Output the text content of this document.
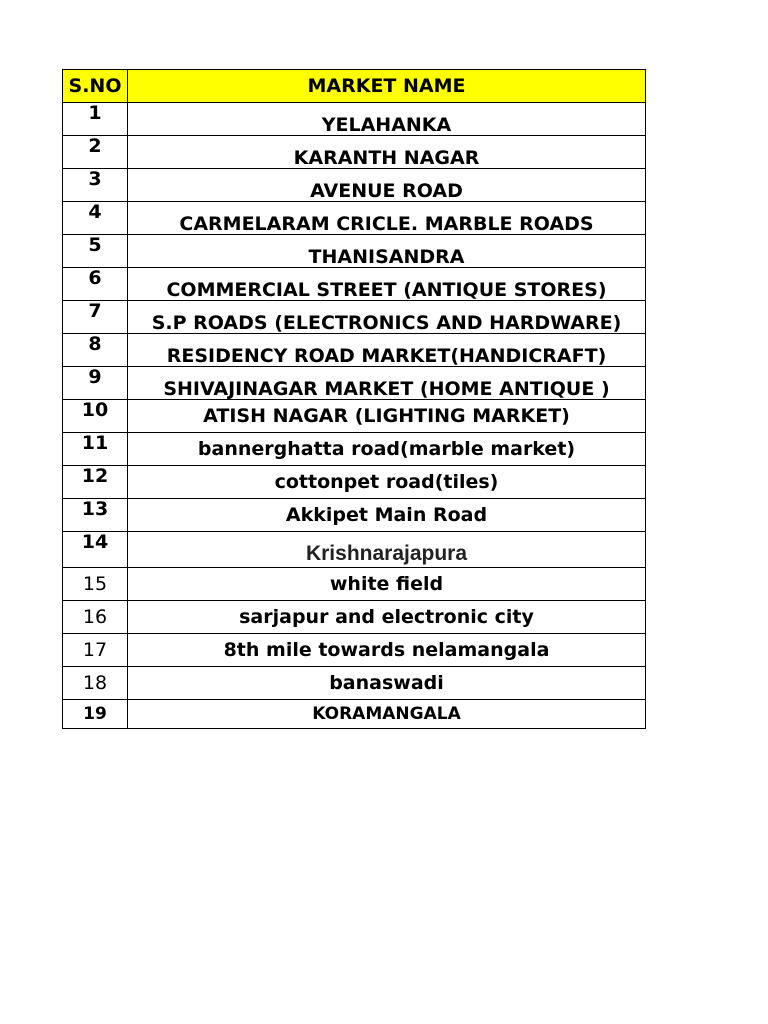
S.NO	MARKET NAME
1	YELAHANKA
2	KARANTH NAGAR
3	AVENUE ROAD
4	CARMELARAM CRICLE. MARBLE ROADS
5	THANISANDRA
6	COMMERCIAL STREET (ANTIQUE STORES)
7	S.P ROADS (ELECTRONICS AND HARDWARE)
8	RESIDENCY ROAD MARKET(HANDICRAFT)
9	SHIVAJINAGAR MARKET (HOME ANTIQUE )
10	ATISH NAGAR (LIGHTING MARKET)
11	bannerghatta road(marble market)
12	cottonpet road(tiles)
13	Akkipet Main Road
14	Krishnarajapura
15	white field
16	sarjapur and electronic city
17	8th mile towards nelamangala
18	banaswadi
19	KORAMANGALA
